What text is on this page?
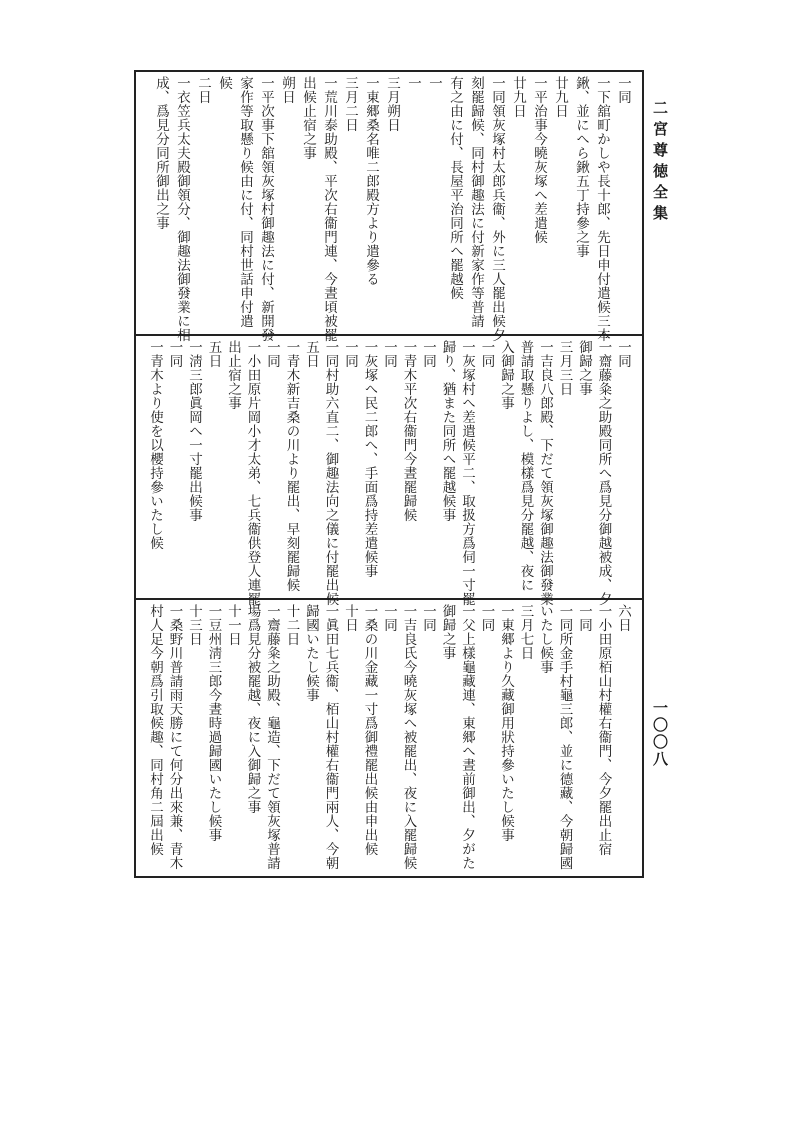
二宮尊徳全集
一〇〇八
一同
一下舘町かしや長十郎、先日申付遣候三本
鍬、並にへら鍬五丁持參之事
廿九日
一平治事今曉灰塚へ差遣候
廿九日
一同領灰塚村太郎兵衞、外に三人罷出候夕
刻罷歸候、同村御趣法に付新家作等普請
有之由に付、長屋平治同所へ罷越候
一
一
三月朔日
一東郷桑名唯二郎殿方より遣參る
三月二日
一荒川泰助殿、平次右衞門連、今晝頃被罷
出候止宿之事
朔日
一平次事下舘領灰塚村御趣法に付、新開發
家作等取懸り候由に付、同村世話申付遣
候
二日
一衣笠兵太夫殿御領分、御趣法御發業に相
成、爲見分同所御出之事
一同
一齋藤粂之助殿同所へ爲見分御越被成、夕
御歸之事
三月三日
一吉良八郎殿、下だて領灰塚御趣法御發業
普請取懸りよし、模樣爲見分罷越、夜に
入御歸之事
一同
一灰塚村へ差遣候平二、取扱方爲伺一寸罷
歸り、猶また同所へ罷越候事
一同
一青木平次右衞門今晝罷歸候
一同
一灰塚へ民二郎へ、手面爲持差遣候事
一同
一同村助六直二、御趣法向之儀に付罷出候
五日
一青木新吉桑の川より罷出、早刻罷歸候
一同
一小田原片岡小才太弟、七兵衞供登人連罷
出止宿之事
五日
一淸三郎眞岡へ一寸罷出候事
一同
一青木より使を以櫻持參いたし候
六日
一小田原栢山村權右衞門、今夕罷出止宿
一同
一同所金手村龜三郎、並に德藏、今朝歸國
いたし候事
三月七日
一東郷より久藏御用狀持參いたし候事
一同
一父上樣龜藏連、東郷へ晝前御出、夕がた
御歸之事
一同
一吉良氏今曉灰塚へ被罷出、夜に入罷歸候
一同
一桑の川金藏一寸爲御禮罷出候由申出候
十日
一眞田七兵衞、栢山村權右衞門兩人、今朝
歸國いたし候事
十二日
一齋藤粂之助殿、龜造、下だて領灰塚普請
場爲見分被罷越、夜に入御歸之事
十一日
一豆州淸三郎今晝時過歸國いたし候事
十三日
一桑野川普請雨天勝にて何分出來兼、青木
村人足今朝爲引取候趣、同村角二屆出候
